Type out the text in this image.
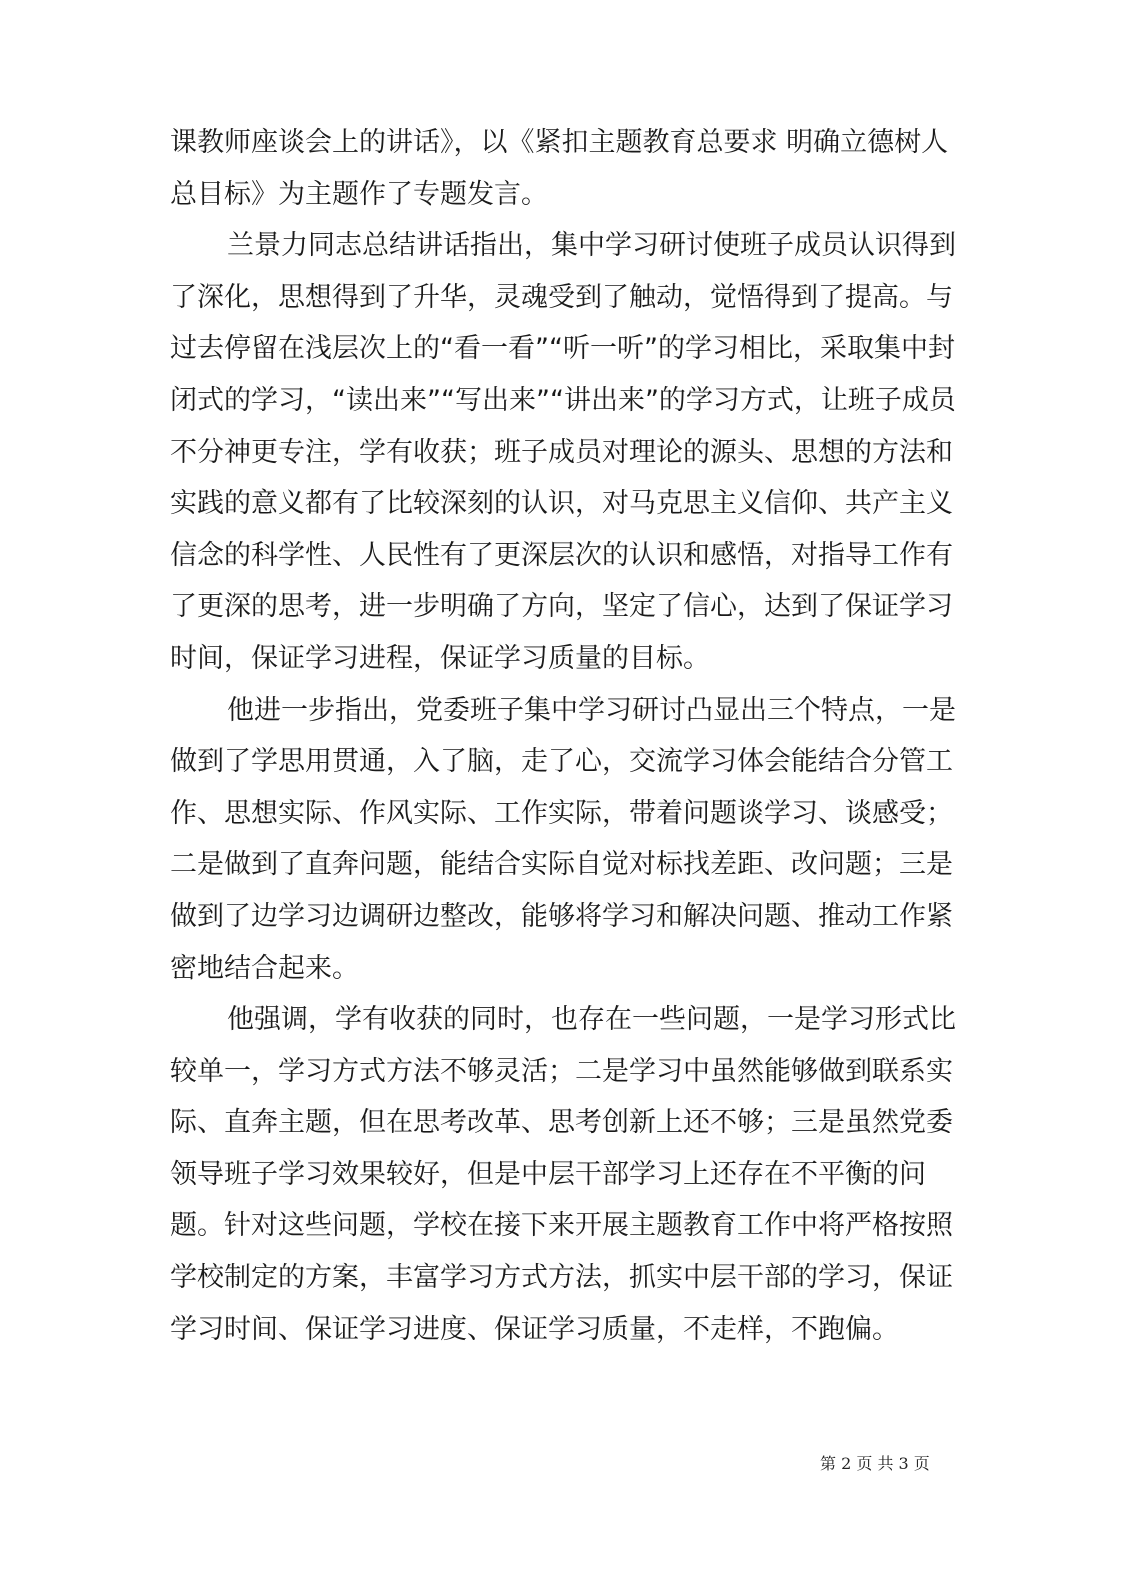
课教师座谈会上的讲话》，以《紧扣主题教育总要求 明确立德树人
总目标》为主题作了专题发言。
兰景力同志总结讲话指出，集中学习研讨使班子成员认识得到
了深化，思想得到了升华，灵魂受到了触动，觉悟得到了提高。与
过去停留在浅层次上的“看一看”“听一听”的学习相比，采取集中封
闭式的学习，“读出来”“写出来”“讲出来”的学习方式，让班子成员
不分神更专注，学有收获；班子成员对理论的源头、思想的方法和
实践的意义都有了比较深刻的认识，对马克思主义信仰、共产主义
信念的科学性、人民性有了更深层次的认识和感悟，对指导工作有
了更深的思考，进一步明确了方向，坚定了信心，达到了保证学习
时间，保证学习进程，保证学习质量的目标。
他进一步指出，党委班子集中学习研讨凸显出三个特点，一是
做到了学思用贯通，入了脑，走了心，交流学习体会能结合分管工
作、思想实际、作风实际、工作实际，带着问题谈学习、谈感受；
二是做到了直奔问题，能结合实际自觉对标找差距、改问题；三是
做到了边学习边调研边整改，能够将学习和解决问题、推动工作紧
密地结合起来。
他强调，学有收获的同时，也存在一些问题，一是学习形式比
较单一，学习方式方法不够灵活；二是学习中虽然能够做到联系实
际、直奔主题，但在思考改革、思考创新上还不够；三是虽然党委
领导班子学习效果较好，但是中层干部学习上还存在不平衡的问
题。针对这些问题，学校在接下来开展主题教育工作中将严格按照
学校制定的方案，丰富学习方式方法，抓实中层干部的学习，保证
学习时间、保证学习进度、保证学习质量，不走样，不跑偏。
第 2 页 共 3 页
